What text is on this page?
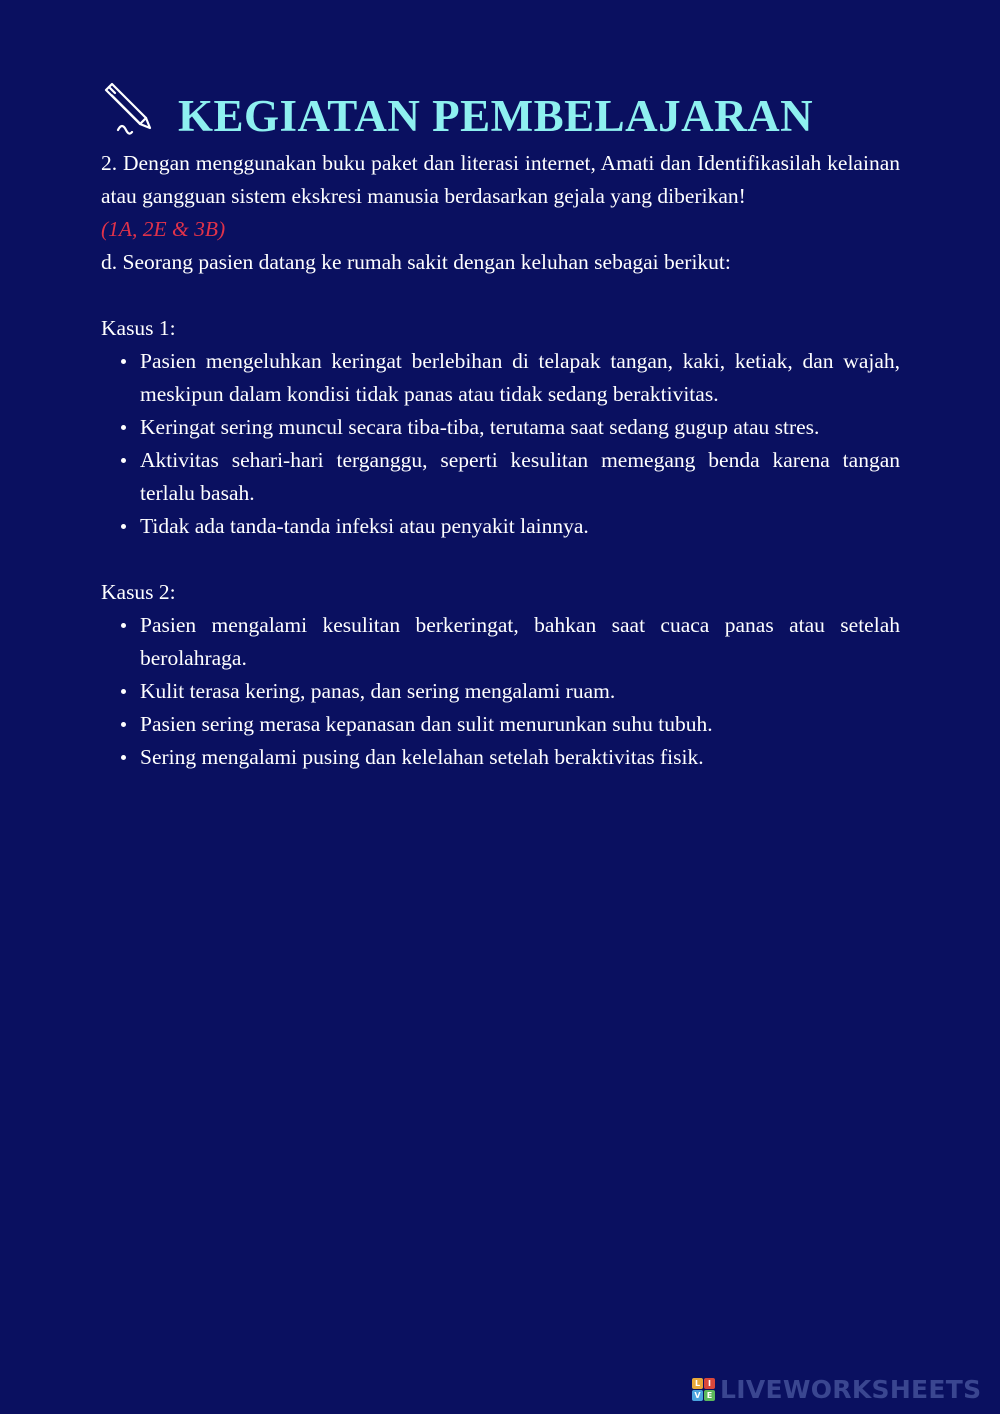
KEGIATAN PEMBELAJARAN

2. Dengan menggunakan buku paket dan literasi internet, Amati dan Identifikasilah kelainan atau gangguan sistem ekskresi manusia berdasarkan gejala yang diberikan!

(1A, 2E & 3B)

d. Seorang pasien datang ke rumah sakit dengan keluhan sebagai berikut:

Kasus 1:

Pasien mengeluhkan keringat berlebihan di telapak tangan, kaki, ketiak, dan wajah, meskipun dalam kondisi tidak panas atau tidak sedang beraktivitas.
Keringat sering muncul secara tiba-tiba, terutama saat sedang gugup atau stres.
Aktivitas sehari-hari terganggu, seperti kesulitan memegang benda karena tangan terlalu basah.
Tidak ada tanda-tanda infeksi atau penyakit lainnya.

Kasus 2:

Pasien mengalami kesulitan berkeringat, bahkan saat cuaca panas atau setelah berolahraga.
Kulit terasa kering, panas, dan sering mengalami ruam.
Pasien sering merasa kepanasan dan sulit menurunkan suhu tubuh.
Sering mengalami pusing dan kelelahan setelah beraktivitas fisik.
L I
V E LIVEWORKSHEETS
